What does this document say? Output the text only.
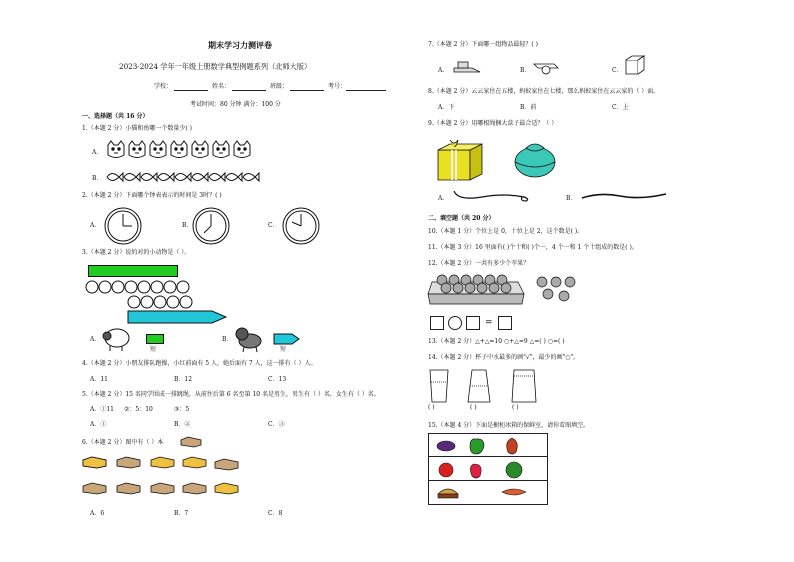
期末学习力测评卷
2023-2024 学年一年级上册数学典型例题系列（北师大版）
学校：	姓名：	班级：	考号：
考试时间：80 分钟 满分：100 分
一、选择题（共 16 分）
1.（本题 2 分）小猫和鱼哪一个数量少( )
A．
B．
2.（本题 2 分）下面哪个钟表表示的时间是 3时？( )
A．	B．	C．
3.（本题 2 分）说的对的小动物是（ ）。
A．
短
B．
短
4.（本题 2 分）小朋友排队跑操，小红前面有 5 人，她后面有 7 人，这一排有（ ）人。
A．11	B．12	C．13
5.（本题 2 分）15 名同学围成一排跳绳，从前往后第 6 名至第 10 名是男生，男生有（ ）名，女生有（ ）名。
A．①11 ②：5：10	③：5
A．①	B．②	C．③
6.（本题 2 分）图中有（ ）本
A．6	B．7	C．8
7.（本题 2 分）下面哪一组物品最轻？( )
A．	B．	C．
8.（本题 2 分）云云家住在五楼，蚂蚁家住在七楼，那么蚂蚁家住在云云家的（ ）面。
A．下	B．前	C．上
9.（本题 2 分）用哪根绳捆大盒子最合适？（ ）
A．	B．
二、填空题（共 20 分）
10.（本题 1 分）个位上是 0，十位上是 2，这个数是( )。
11.（本题 3 分）16 里面有( )个十和( )个一，4 个一和 1 个十组成的数是( )。
12.（本题 2 分）一共有多少个苹果？
=
13.（本题 2 分）△+△=10 ○+△=9 △=( ) ○=( )
14.（本题 2 分）杯子中水最多的画"√"，最少的画"○"。
( )	( )	( )
15.（本题 4 分）下面是橱柜冰箱的保鲜室，请你看图填空。
